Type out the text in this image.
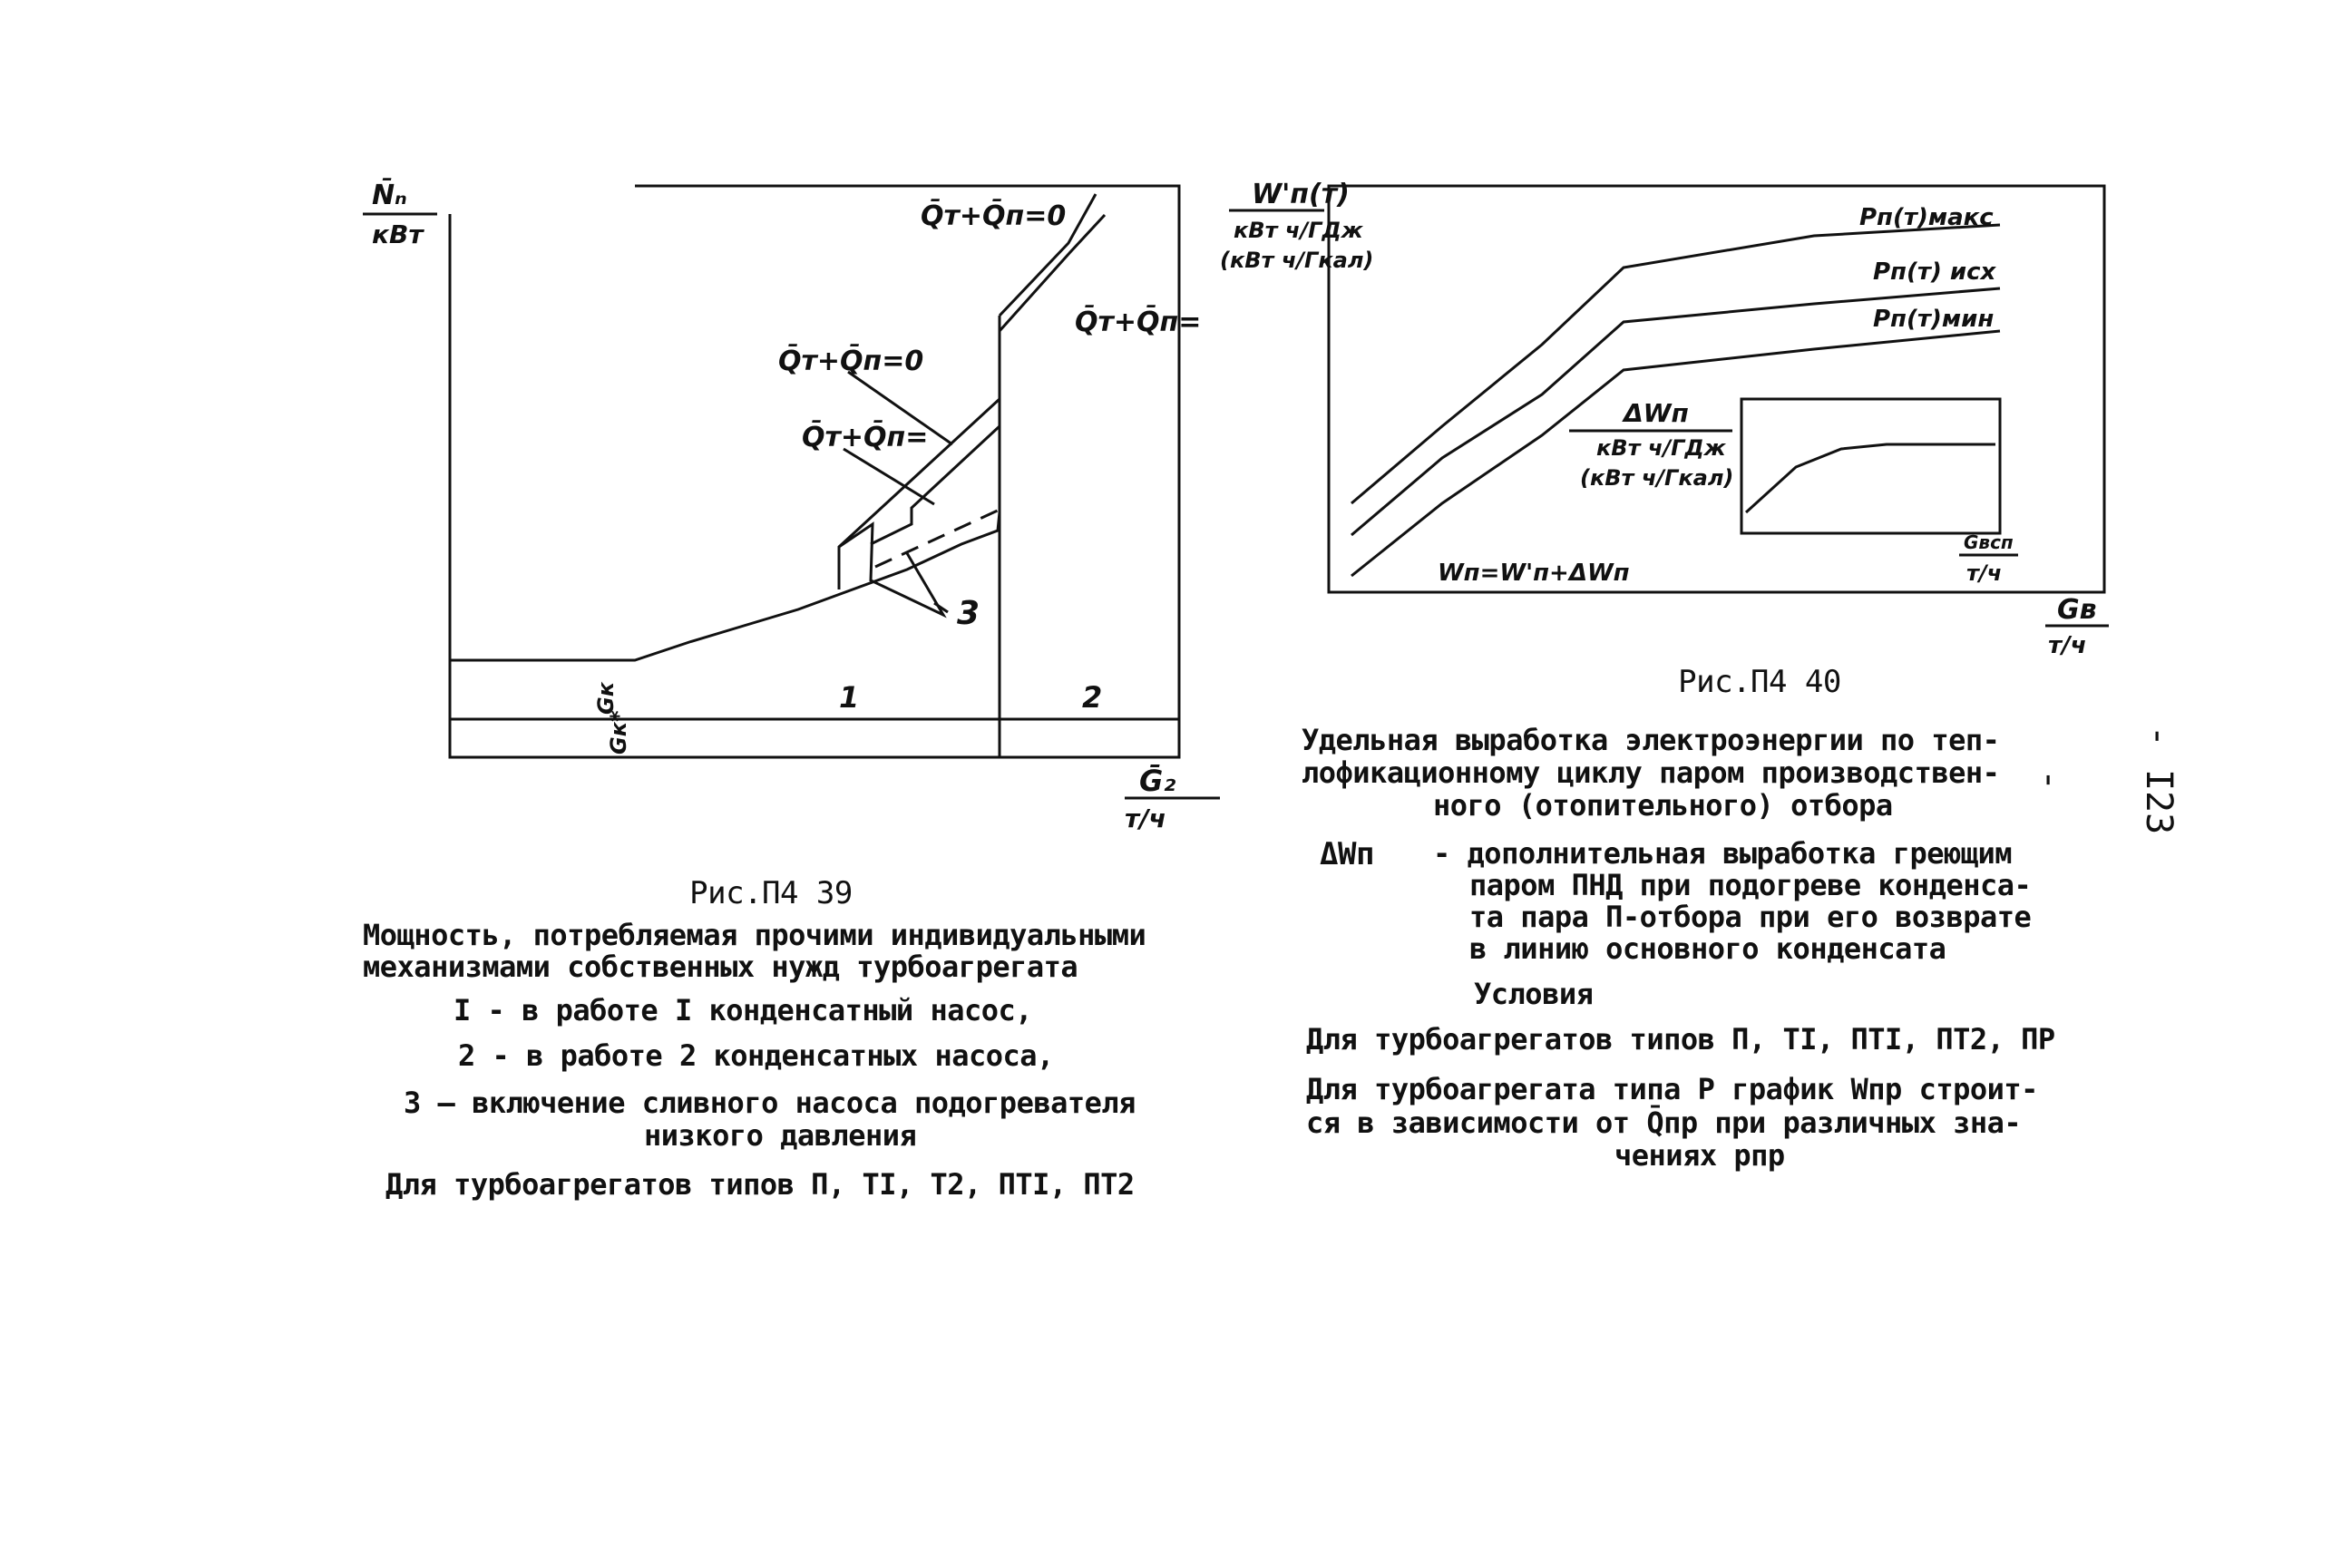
N̄ₙ
кВт
Ḡ₂
т/ч
Q̄т+Q̄п=0
Q̄т+Q̄п=
Q̄т+Q̄п=0
Q̄т+Q̄п=
3
1	2
Gк
Gк*
W'п(т)
кВт ч/ГДж
(кВт ч/Гкал)
Pп(т)макс
Pп(т) исх
Pп(т)мин
ΔWп
кВт ч/ГДж
(кВт ч/Гкал)
Gвсп
т/ч
Wп=W'п+ΔWп
Gв
т/ч
Рис.П4 39
Мощность, потребляемая прочими индивидуальными
механизмами собственных нужд турбоагрегата
I - в работе I конденсатный насос,
2 - в работе 2 конденсатных насоса,
3 — включение сливного насоса подогревателя
низкого давления
Для турбоагрегатов типов П, ТI, Т2, ПТI, ПТ2
Рис.П4 40
Удельная выработка электроэнергии по теп-
лофикационному циклу паром производствен-
ного (отопительного) отбора
ΔWп - дополнительная выработка греющим
паром ПНД при подогреве конденса-
та пара П-отбора при его возврате
в линию основного конденсата
Условия
Для турбоагрегатов типов П, ТI, ПТI, ПТ2, ПР
Для турбоагрегата типа Р график Wпр строит-
ся в зависимости от Q̄пр при различных зна-
чениях pпр
- I23 -
